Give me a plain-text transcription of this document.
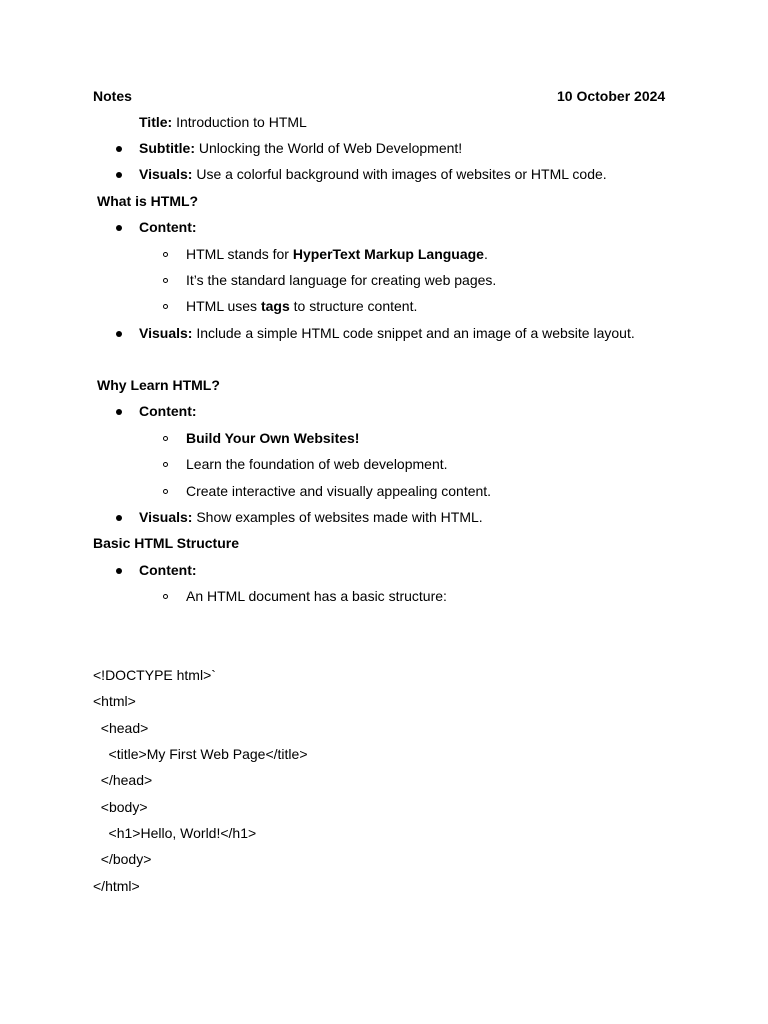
Notes	10 October 2024
Title: Introduction to HTML
Subtitle: Unlocking the World of Web Development!
Visuals: Use a colorful background with images of websites or HTML code.
What is HTML?
Content:
HTML stands for HyperText Markup Language.
It’s the standard language for creating web pages.
HTML uses tags to structure content.
Visuals: Include a simple HTML code snippet and an image of a website layout.
Why Learn HTML?
Content:
Build Your Own Websites!
Learn the foundation of web development.
Create interactive and visually appealing content.
Visuals: Show examples of websites made with HTML.
Basic HTML Structure
Content:
An HTML document has a basic structure:
<!DOCTYPE html>`
<html>
<head>
<title>My First Web Page</title>
</head>
<body>
<h1>Hello, World!</h1>
</body>
</html>
